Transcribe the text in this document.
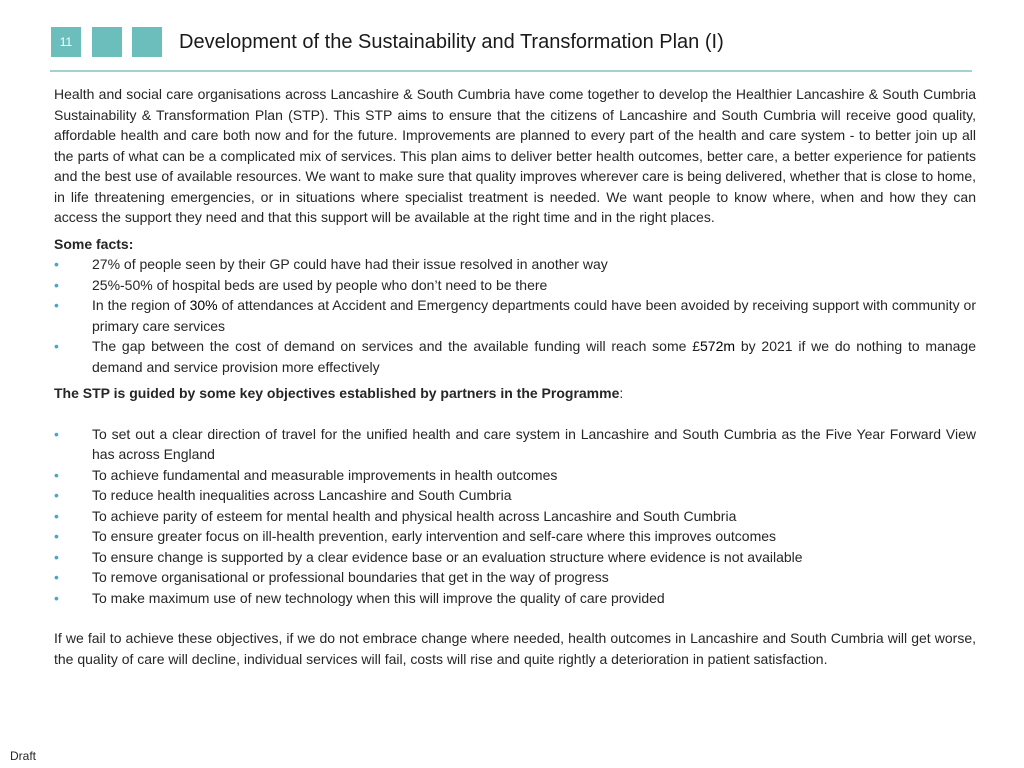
11	Development of the Sustainability and Transformation Plan (I)

Health and social care organisations across Lancashire & South Cumbria have come together to develop the Healthier Lancashire & South Cumbria Sustainability & Transformation Plan (STP). This STP aims to ensure that the citizens of Lancashire and South Cumbria will receive good quality, affordable health and care both now and for the future. Improvements are planned to every part of the health and care system - to better join up all the parts of what can be a complicated mix of services. This plan aims to deliver better health outcomes, better care, a better experience for patients and the best use of available resources. We want to make sure that quality improves wherever care is being delivered, whether that is close to home, in life threatening emergencies, or in situations where specialist treatment is needed. We want people to know where, when and how they can access the support they need and that this support will be available at the right time and in the right places.

Some facts:

• 27% of people seen by their GP could have had their issue resolved in another way
• 25%-50% of hospital beds are used by people who don’t need to be there
• In the region of 30% of attendances at Accident and Emergency departments could have been avoided by receiving support with community or primary care services
• The gap between the cost of demand on services and the available funding will reach some £572m by 2021 if we do nothing to manage demand and service provision more effectively

The STP is guided by some key objectives established by partners in the Programme:

• To set out a clear direction of travel for the unified health and care system in Lancashire and South Cumbria as the Five Year Forward View has across England
• To achieve fundamental and measurable improvements in health outcomes
• To reduce health inequalities across Lancashire and South Cumbria
• To achieve parity of esteem for mental health and physical health across Lancashire and South Cumbria
• To ensure greater focus on ill-health prevention, early intervention and self-care where this improves outcomes
• To ensure change is supported by a clear evidence base or an evaluation structure where evidence is not available
• To remove organisational or professional boundaries that get in the way of progress
• To make maximum use of new technology when this will improve the quality of care provided

If we fail to achieve these objectives, if we do not embrace change where needed, health outcomes in Lancashire and South Cumbria will get worse, the quality of care will decline, individual services will fail, costs will rise and quite rightly a deterioration in patient satisfaction.

Draft
